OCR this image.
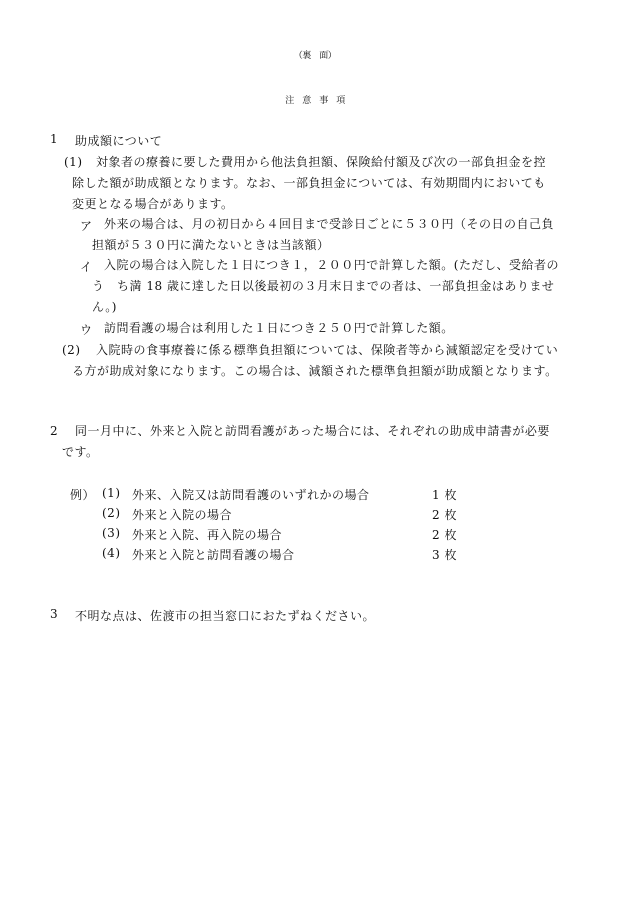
（裏　面）
注　意　事　項
1 助成額について
(1) 対象者の療養に要した費用から他法負担額、保険給付額及び次の一部負担金を控
除した額が助成額となります。なお、一部負担金については、有効期間内においても
変更となる場合があります。
ア 外来の場合は、月の初日から４回目まで受診日ごとに５３０円（その日の自己負
担額が５３０円に満たないときは当該額）
イ 入院の場合は入院した１日につき１，２００円で計算した額。(ただし、受給者の
う　ち満 18 歳に達した日以後最初の３月末日までの者は、一部負担金はありませ
ん。)
ウ 訪問看護の場合は利用した１日につき２５０円で計算した額。
(2) 入院時の食事療養に係る標準負担額については、保険者等から減額認定を受けてい
る方が助成対象になります。この場合は、減額された標準負担額が助成額となります。
2 同一月中に、外来と入院と訪問看護があった場合には、それぞれの助成申請書が必要
です。
例） (1) 外来、入院又は訪問看護のいずれかの場合	1 枚
(2) 外来と入院の場合	2 枚
(3) 外来と入院、再入院の場合	2 枚
(4) 外来と入院と訪問看護の場合	3 枚
3 不明な点は、佐渡市の担当窓口におたずねください。
